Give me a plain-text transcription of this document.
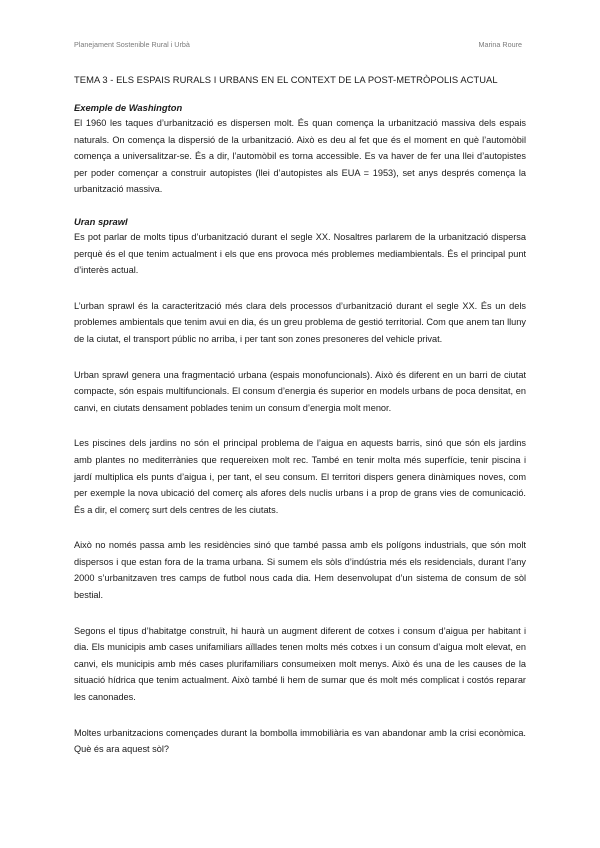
Planejament Sostenible Rural i Urbà	Marina Roure
TEMA 3 - ELS ESPAIS RURALS I URBANS EN EL CONTEXT DE LA POST-METRÒPOLIS ACTUAL
Exemple de Washington

El 1960 les taques d’urbanització es dispersen molt. És quan comença la urbanització massiva dels espais naturals. On comença la dispersió de la urbanització. Això es deu al fet que és el moment en què l’automòbil comença a universalitzar-se. És a dir, l’automòbil es torna accessible. Es va haver de fer una llei d’autopistes per poder començar a construir autopistes (llei d’autopistes als EUA = 1953), set anys després comença la urbanització massiva.

Uran sprawl

Es pot parlar de molts tipus d’urbanització durant el segle XX. Nosaltres parlarem de la urbanització dispersa perquè és el que tenim actualment i els que ens provoca més problemes mediambientals. És el principal punt d’interès actual.

L’urban sprawl és la caracterització més clara dels processos d’urbanització durant el segle XX. És un dels problemes ambientals que tenim avui en dia, és un greu problema de gestió territorial. Com que anem tan lluny de la ciutat, el transport públic no arriba, i per tant son zones presoneres del vehicle privat.

Urban sprawl genera una fragmentació urbana (espais monofuncionals). Això és diferent en un barri de ciutat compacte, són espais multifuncionals. El consum d’energia és superior en models urbans de poca densitat, en canvi, en ciutats densament poblades tenim un consum d’energia molt menor.

Les piscines dels jardins no són el principal problema de l’aigua en aquests barris, sinó que són els jardins amb plantes no mediterrànies que requereixen molt rec. També en tenir molta més superfície, tenir piscina i jardí multiplica els punts d’aigua i, per tant, el seu consum. El territori dispers genera dinàmiques noves, com per exemple la nova ubicació del comerç als afores dels nuclis urbans i a prop de grans vies de comunicació. És a dir, el comerç surt dels centres de les ciutats.

Això no només passa amb les residències sinó que també passa amb els polígons industrials, que són molt dispersos i que estan fora de la trama urbana. Si sumem els sòls d’indústria més els residencials, durant l’any 2000 s’urbanitzaven tres camps de futbol nous cada dia. Hem desenvolupat d’un sistema de consum de sòl bestial.

Segons el tipus d’habitatge construït, hi haurà un augment diferent de cotxes i consum d’aigua per habitant i dia. Els municipis amb cases unifamiliars aïllades tenen molts més cotxes i un consum d’aigua molt elevat, en canvi, els municipis amb més cases plurifamiliars consumeixen molt menys. Això és una de les causes de la situació hídrica que tenim actualment. Això també li hem de sumar que és molt més complicat i costós reparar les canonades.

Moltes urbanitzacions començades durant la bombolla immobiliària es van abandonar amb la crisi econòmica. Què és ara aquest sòl?
